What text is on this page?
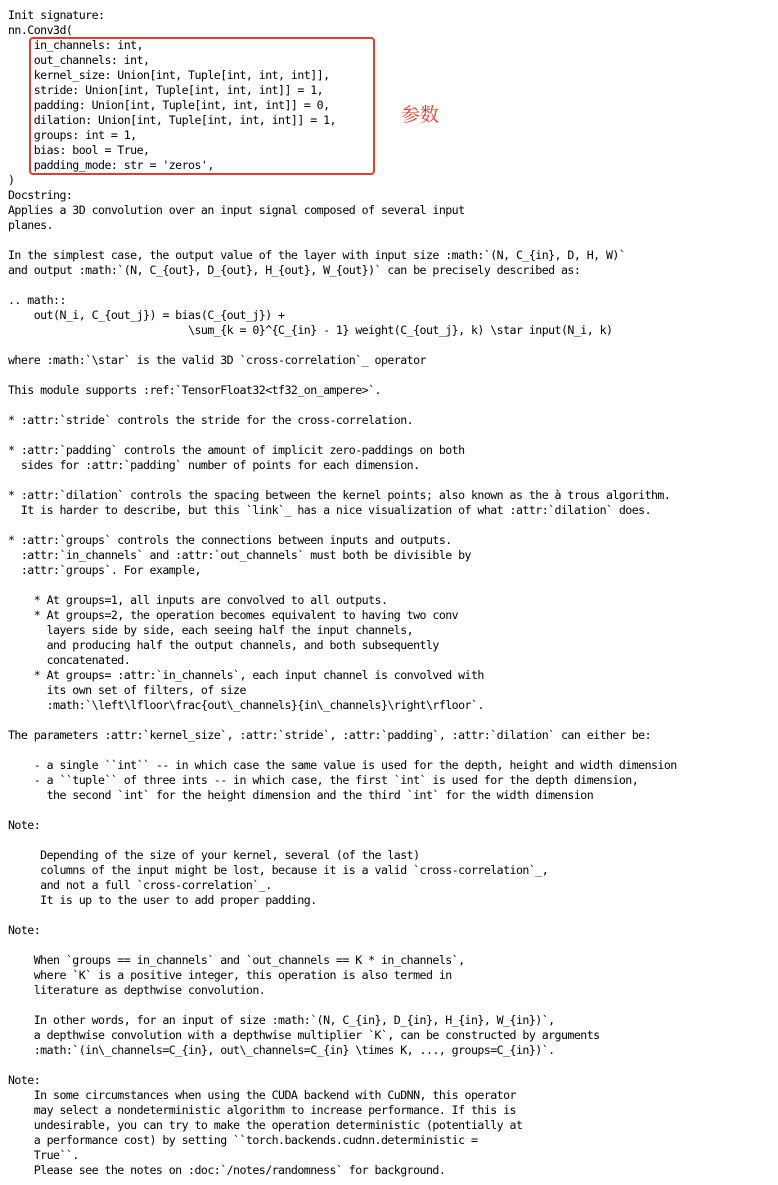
Init signature:
nn.Conv3d(
in_channels: int,
out_channels: int,
kernel_size: Union[int, Tuple[int, int, int]],
stride: Union[int, Tuple[int, int, int]] = 1,
padding: Union[int, Tuple[int, int, int]] = 0,
dilation: Union[int, Tuple[int, int, int]] = 1,
groups: int = 1,
bias: bool = True,
padding_mode: str = 'zeros',
)
Docstring:
Applies a 3D convolution over an input signal composed of several input
planes.
In the simplest case, the output value of the layer with input size :math:`(N, C_{in}, D, H, W)`
and output :math:`(N, C_{out}, D_{out}, H_{out}, W_{out})` can be precisely described as:
.. math::
out(N_i, C_{out_j}) = bias(C_{out_j}) +
\sum_{k = 0}^{C_{in} - 1} weight(C_{out_j}, k) \star input(N_i, k)
where :math:`\star` is the valid 3D `cross-correlation`_ operator
This module supports :ref:`TensorFloat32<tf32_on_ampere>`.
* :attr:`stride` controls the stride for the cross-correlation.
* :attr:`padding` controls the amount of implicit zero-paddings on both
sides for :attr:`padding` number of points for each dimension.
* :attr:`dilation` controls the spacing between the kernel points; also known as the à trous algorithm.
It is harder to describe, but this `link`_ has a nice visualization of what :attr:`dilation` does.
* :attr:`groups` controls the connections between inputs and outputs.
:attr:`in_channels` and :attr:`out_channels` must both be divisible by
:attr:`groups`. For example,
* At groups=1, all inputs are convolved to all outputs.
* At groups=2, the operation becomes equivalent to having two conv
layers side by side, each seeing half the input channels,
and producing half the output channels, and both subsequently
concatenated.
* At groups= :attr:`in_channels`, each input channel is convolved with
its own set of filters, of size
:math:`\left\lfloor\frac{out\_channels}{in\_channels}\right\rfloor`.
The parameters :attr:`kernel_size`, :attr:`stride`, :attr:`padding`, :attr:`dilation` can either be:
- a single ``int`` -- in which case the same value is used for the depth, height and width dimension
- a ``tuple`` of three ints -- in which case, the first `int` is used for the depth dimension,
the second `int` for the height dimension and the third `int` for the width dimension
Note:
Depending of the size of your kernel, several (of the last)
columns of the input might be lost, because it is a valid `cross-correlation`_,
and not a full `cross-correlation`_.
It is up to the user to add proper padding.
Note:
When `groups == in_channels` and `out_channels == K * in_channels`,
where `K` is a positive integer, this operation is also termed in
literature as depthwise convolution.
In other words, for an input of size :math:`(N, C_{in}, D_{in}, H_{in}, W_{in})`,
a depthwise convolution with a depthwise multiplier `K`, can be constructed by arguments
:math:`(in\_channels=C_{in}, out\_channels=C_{in} \times K, ..., groups=C_{in})`.
Note:
In some circumstances when using the CUDA backend with CuDNN, this operator
may select a nondeterministic algorithm to increase performance. If this is
undesirable, you can try to make the operation deterministic (potentially at
a performance cost) by setting ``torch.backends.cudnn.deterministic =
True``.
Please see the notes on :doc:`/notes/randomness` for background.
参数
